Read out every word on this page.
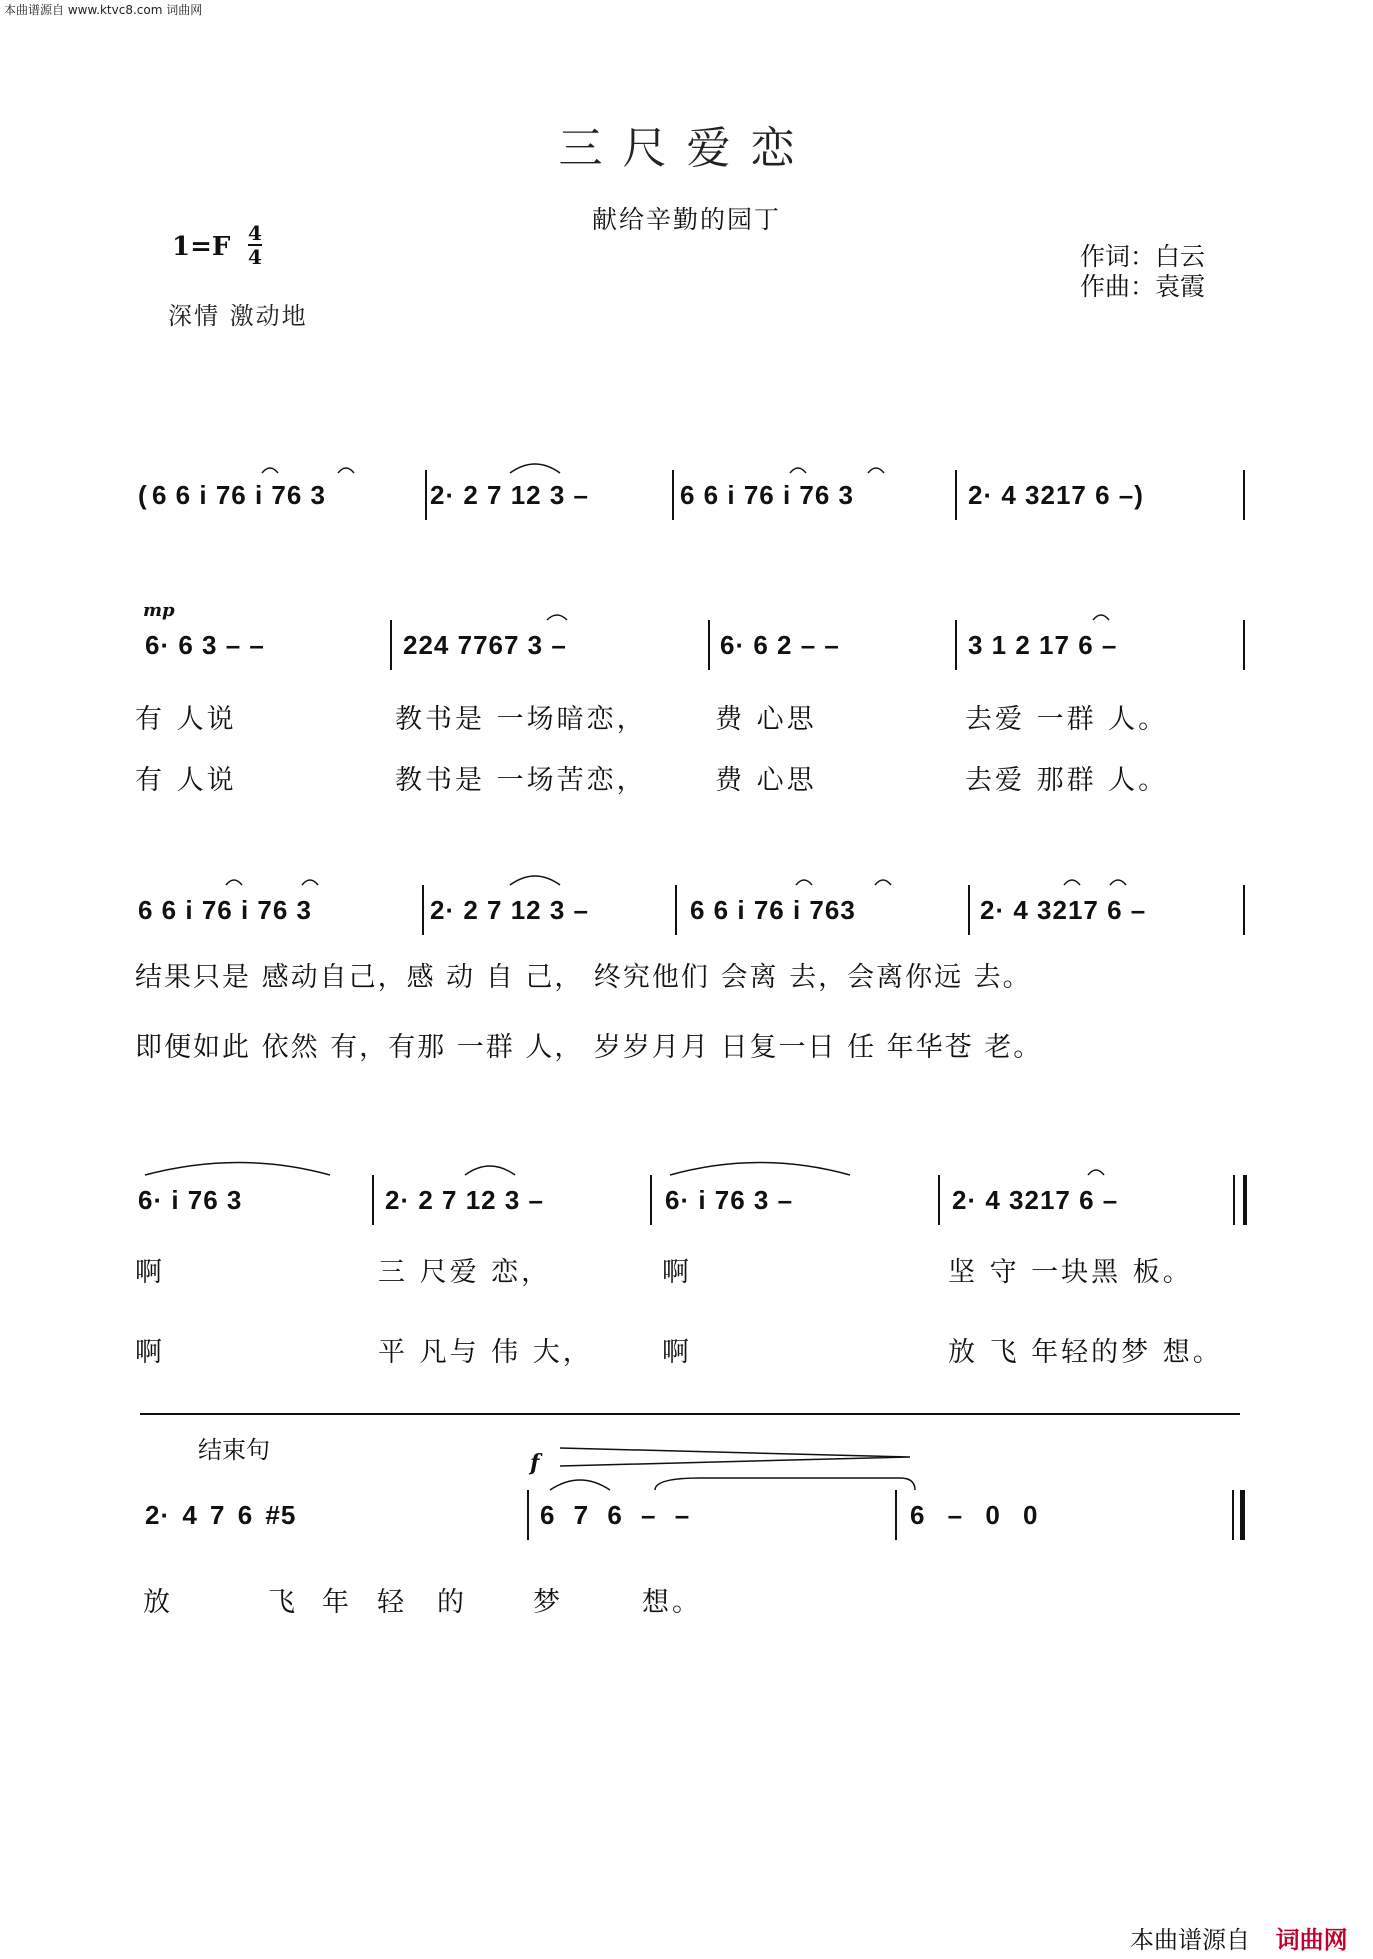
本曲谱源自 www.ktvc8.com 词曲网
三尺爱恋
献给辛勤的园丁
1=F 4
4
深情 激动地
作词：白云
作曲：袁霞
( 6 6 i 76 i 76 3	2· 2 7 12 3 –	6 6 i 76 i 76 3	2· 4 3217 6 –)
mp
6· 6 3 – –	224 7767 3 –	6· 6 2 – –	3 1 2 17 6 –
有 人说	教书是 一场暗恋，	费 心思	去爱 一群 人。
有 人说	教书是 一场苦恋，	费 心思	去爱 那群 人。
6 6 i 76 i 76 3	2· 2 7 12 3 –	6 6 i 76 i 763	2· 4 3217 6 –
结果只是 感动自己，感 动 自 己， 终究他们 会离 去，会离你远 去。
即便如此 依然 有，有那 一群 人， 岁岁月月 日复一日 任 年华苍 老。
6· i 76 3	2· 2 7 12 3 –	6· i 76 3 –	2· 4 3217 6 –
啊	三 尺爱 恋，	啊	坚 守 一块黑 板。
啊	平 凡与 伟 大，	啊	放 飞 年轻的梦 想。
结束句	f
2· 4 7 6 #5	6 7 6 – –	6 – 0 0
放	飞 年 轻 的 梦	想。
本曲谱源自 词曲网
